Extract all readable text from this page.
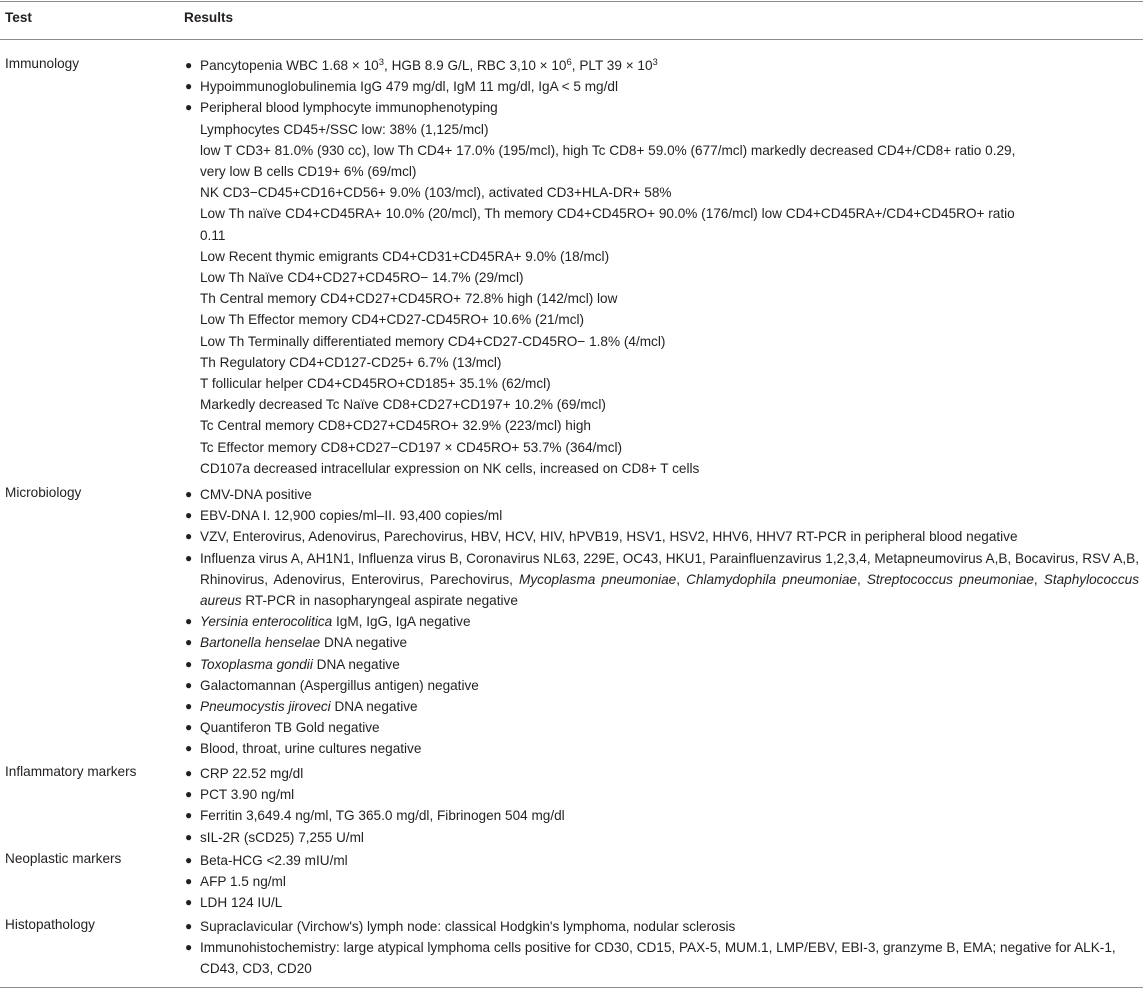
Test	Results
Immunology	● Pancytopenia WBC $1.68 \times 10^3$, HGB 8.9 G/L, RBC $3,10 \times 10^6$, PLT $39 \times 10^3$
● Hypoimmunoglobulinemia IgG 479 mg/dl, IgM 11 mg/dl, IgA < 5 mg/dl
● Peripheral blood lymphocyte immunophenotyping
Lymphocytes CD45+/SSC low: 38% (1,125/mcl)
low T CD3+ 81.0% (930 cc), low Th CD4+ 17.0% (195/mcl), high Tc CD8+ 59.0% (677/mcl) markedly decreased CD4+/CD8+ ratio 0.29,
very low B cells CD19+ 6% (69/mcl)
NK CD3−CD45+CD16+CD56+ 9.0% (103/mcl), activated CD3+HLA-DR+ 58%
Low Th naïve CD4+CD45RA+ 10.0% (20/mcl), Th memory CD4+CD45RO+ 90.0% (176/mcl) low CD4+CD45RA+/CD4+CD45RO+ ratio
0.11
Low Recent thymic emigrants CD4+CD31+CD45RA+ 9.0% (18/mcl)
Low Th Naïve CD4+CD27+CD45RO− 14.7% (29/mcl)
Th Central memory CD4+CD27+CD45RO+ 72.8% high (142/mcl) low
Low Th Effector memory CD4+CD27-CD45RO+ 10.6% (21/mcl)
Low Th Terminally differentiated memory CD4+CD27-CD45RO− 1.8% (4/mcl)
Th Regulatory CD4+CD127-CD25+ 6.7% (13/mcl)
T follicular helper CD4+CD45RO+CD185+ 35.1% (62/mcl)
Markedly decreased Tc Naïve CD8+CD27+CD197+ 10.2% (69/mcl)
Tc Central memory CD8+CD27+CD45RO+ 32.9% (223/mcl) high
Tc Effector memory CD8+CD27−CD197 × CD45RO+ 53.7% (364/mcl)
CD107a decreased intracellular expression on NK cells, increased on CD8+ T cells
Microbiology	● CMV-DNA positive
● EBV-DNA I. 12,900 copies/ml–II. 93,400 copies/ml
● VZV, Enterovirus, Adenovirus, Parechovirus, HBV, HCV, HIV, hPVB19, HSV1, HSV2, HHV6, HHV7 RT-PCR in peripheral blood negative
● Influenza virus A, AH1N1, Influenza virus B, Coronavirus NL63, 229E, OC43, HKU1, Parainfluenzavirus 1,2,3,4, Metapneumovirus A,B, Bocavirus, RSV A,B, Rhinovirus, Adenovirus, Enterovirus, Parechovirus, Mycoplasma pneumoniae, Chlamydophila pneumoniae, Streptococcus pneumoniae, Staphylococcus aureus RT-PCR in nasopharyngeal aspirate negative
● Yersinia enterocolitica IgM, IgG, IgA negative
● Bartonella henselae DNA negative
● Toxoplasma gondii DNA negative
● Galactomannan (Aspergillus antigen) negative
● Pneumocystis jiroveci DNA negative
● Quantiferon TB Gold negative
● Blood, throat, urine cultures negative
Inflammatory markers	● CRP 22.52 mg/dl
● PCT 3.90 ng/ml
● Ferritin 3,649.4 ng/ml, TG 365.0 mg/dl, Fibrinogen 504 mg/dl
● sIL-2R (sCD25) 7,255 U/ml
Neoplastic markers	● Beta-HCG <2.39 mIU/ml
● AFP 1.5 ng/ml
● LDH 124 IU/L
Histopathology	● Supraclavicular (Virchow's) lymph node: classical Hodgkin's lymphoma, nodular sclerosis
● Immunohistochemistry: large atypical lymphoma cells positive for CD30, CD15, PAX-5, MUM.1, LMP/EBV, EBI-3, granzyme B, EMA; negative for ALK-1, CD43, CD3, CD20
